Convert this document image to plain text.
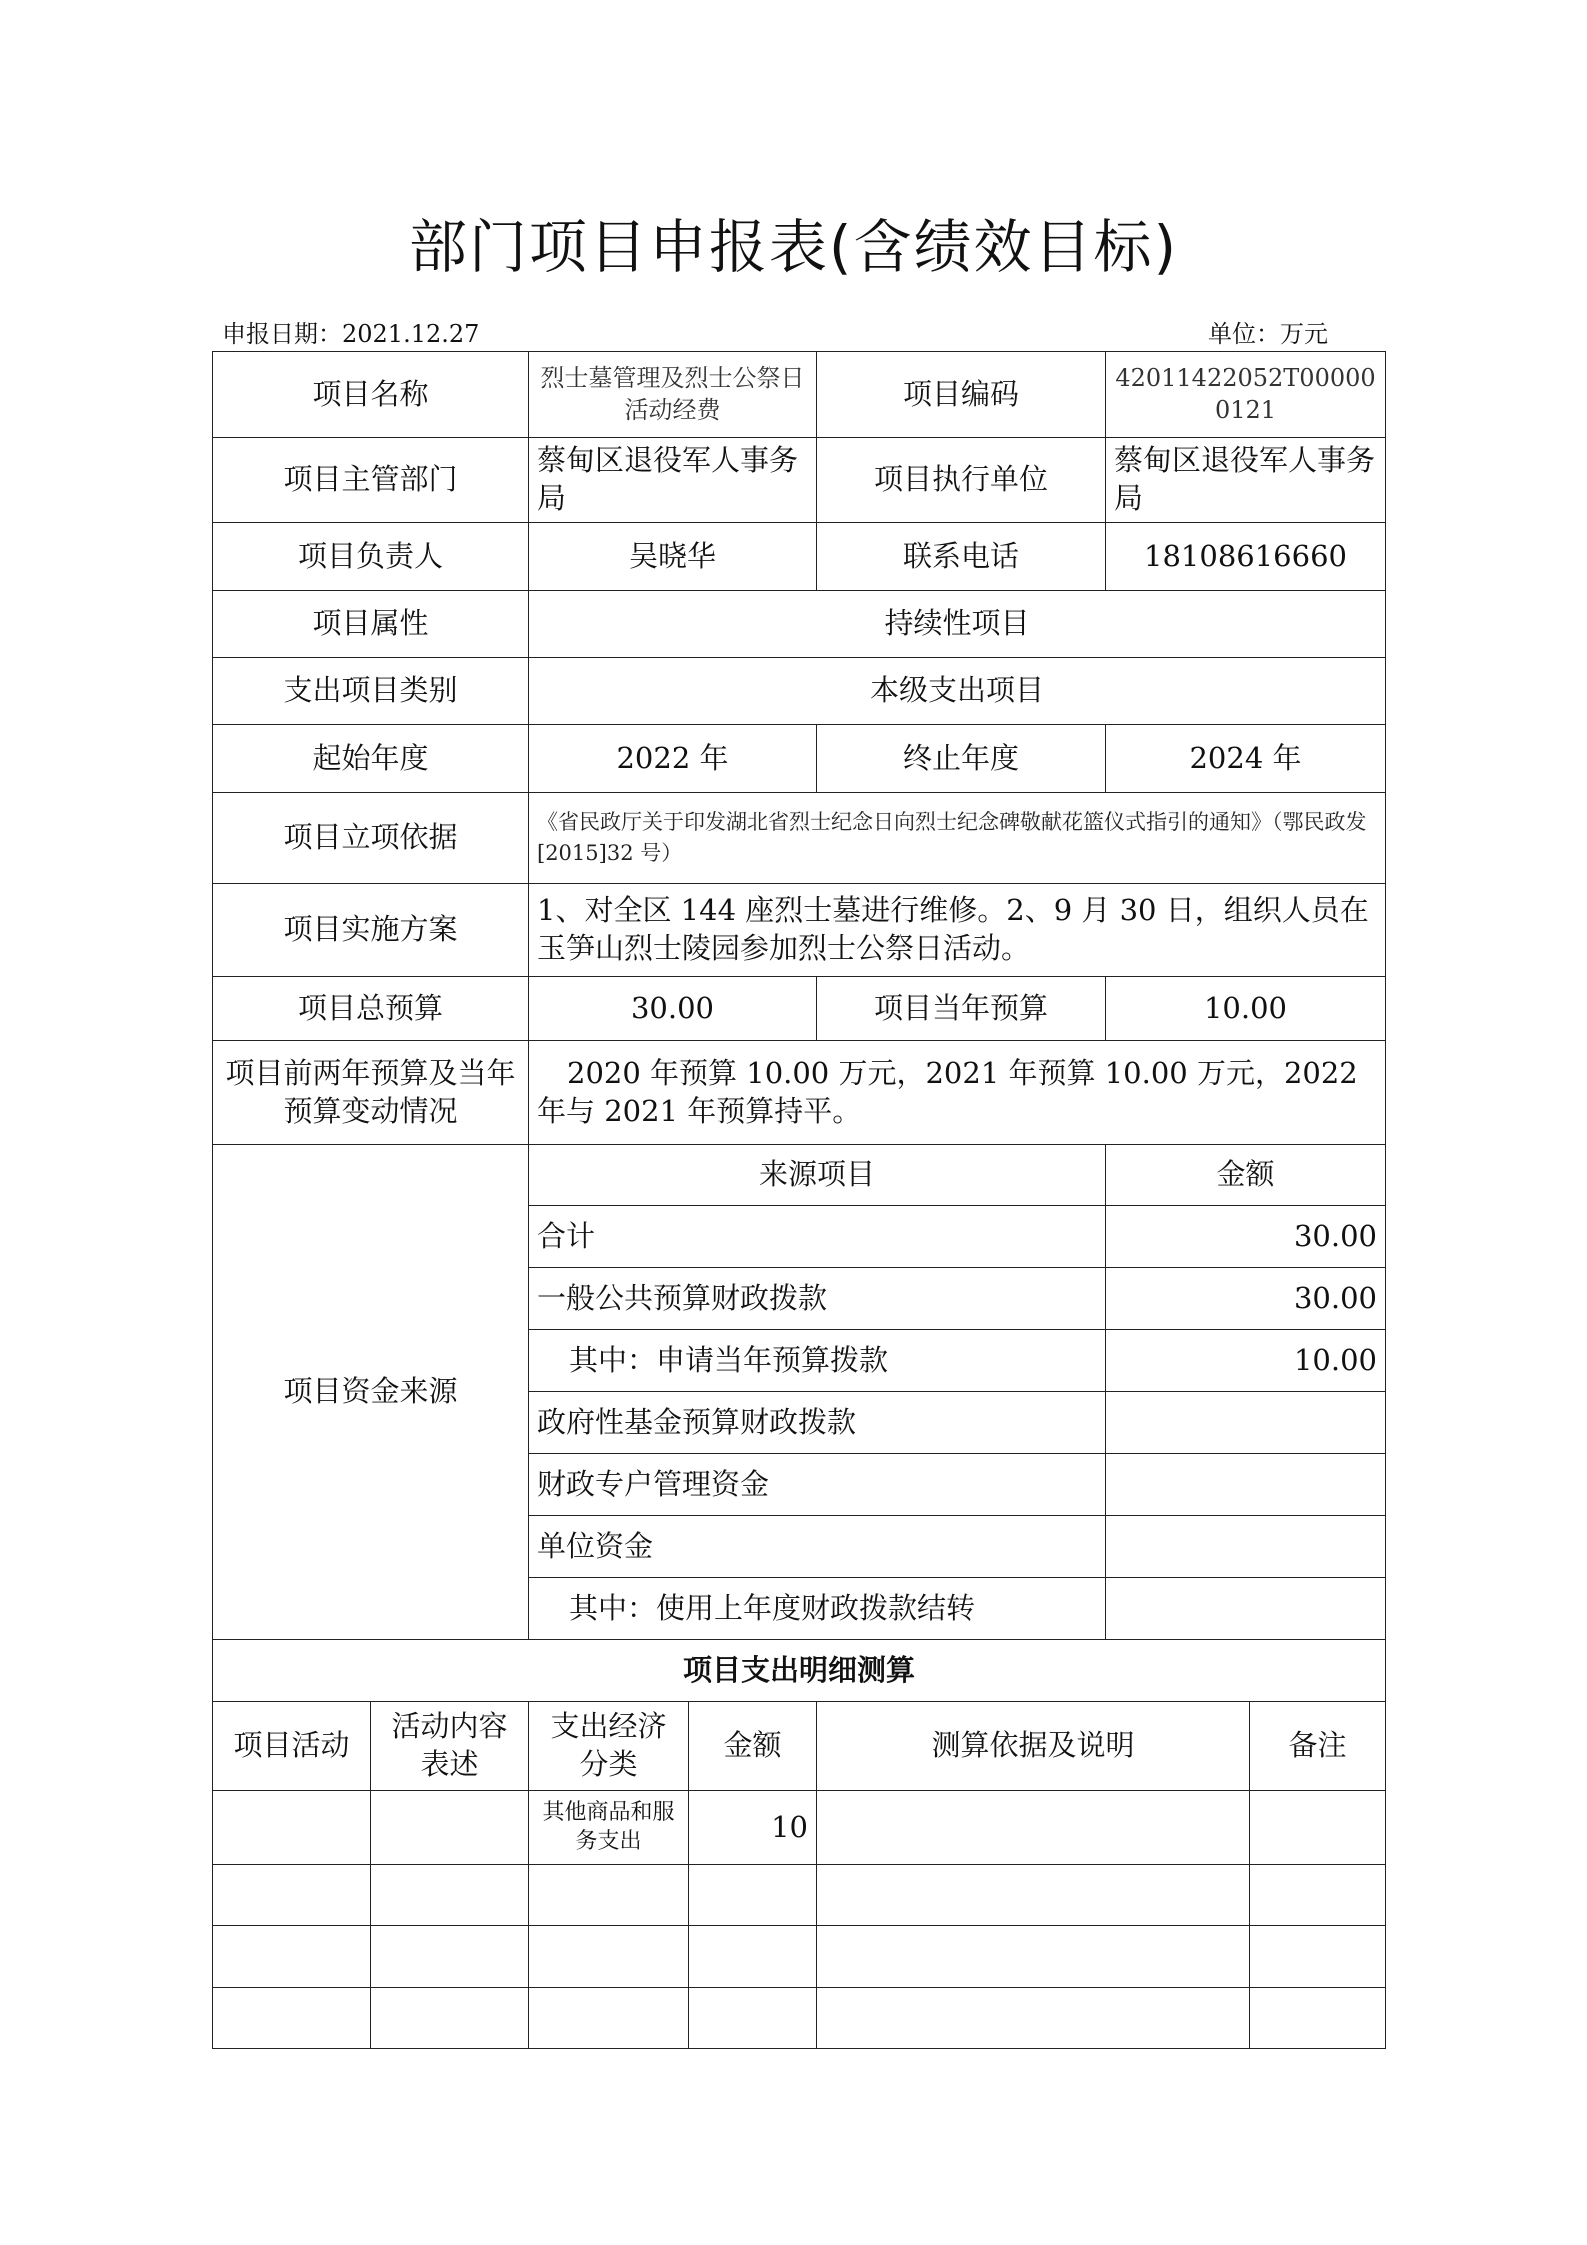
部门项目申报表(含绩效目标)
申报日期：2021.12.27	单位：万元
项目名称	烈士墓管理及烈士公祭日活动经费	项目编码	42011422052T000000121
项目主管部门	蔡甸区退役军人事务局	项目执行单位	蔡甸区退役军人事务局
项目负责人	吴晓华	联系电话	18108616660
项目属性	持续性项目		
支出项目类别	本级支出项目		
起始年度	2022 年	终止年度	2024 年
项目立项依据	《省民政厅关于印发湖北省烈士纪念日向烈士纪念碑敬献花篮仪式指引的通知》（鄂民政发[2015]32 号）		
项目实施方案	1、对全区 144 座烈士墓进行维修。2、9 月 30 日，组织人员在玉笋山烈士陵园参加烈士公祭日活动。		
项目总预算	30.00	项目当年预算	10.00
项目前两年预算及当年预算变动情况	2020 年预算 10.00 万元，2021 年预算 10.00 万元，2022 年与 2021 年预算持平。		
项目资金来源	来源项目	金额
	合计	30.00
	一般公共预算财政拨款	30.00
	其中：申请当年预算拨款	10.00
	政府性基金预算财政拨款	
	财政专户管理资金	
	单位资金	
	其中：使用上年度财政拨款结转	
项目支出明细测算					
项目活动	活动内容表述	支出经济分类	金额	测算依据及说明	备注
		其他商品和服务支出	10		
